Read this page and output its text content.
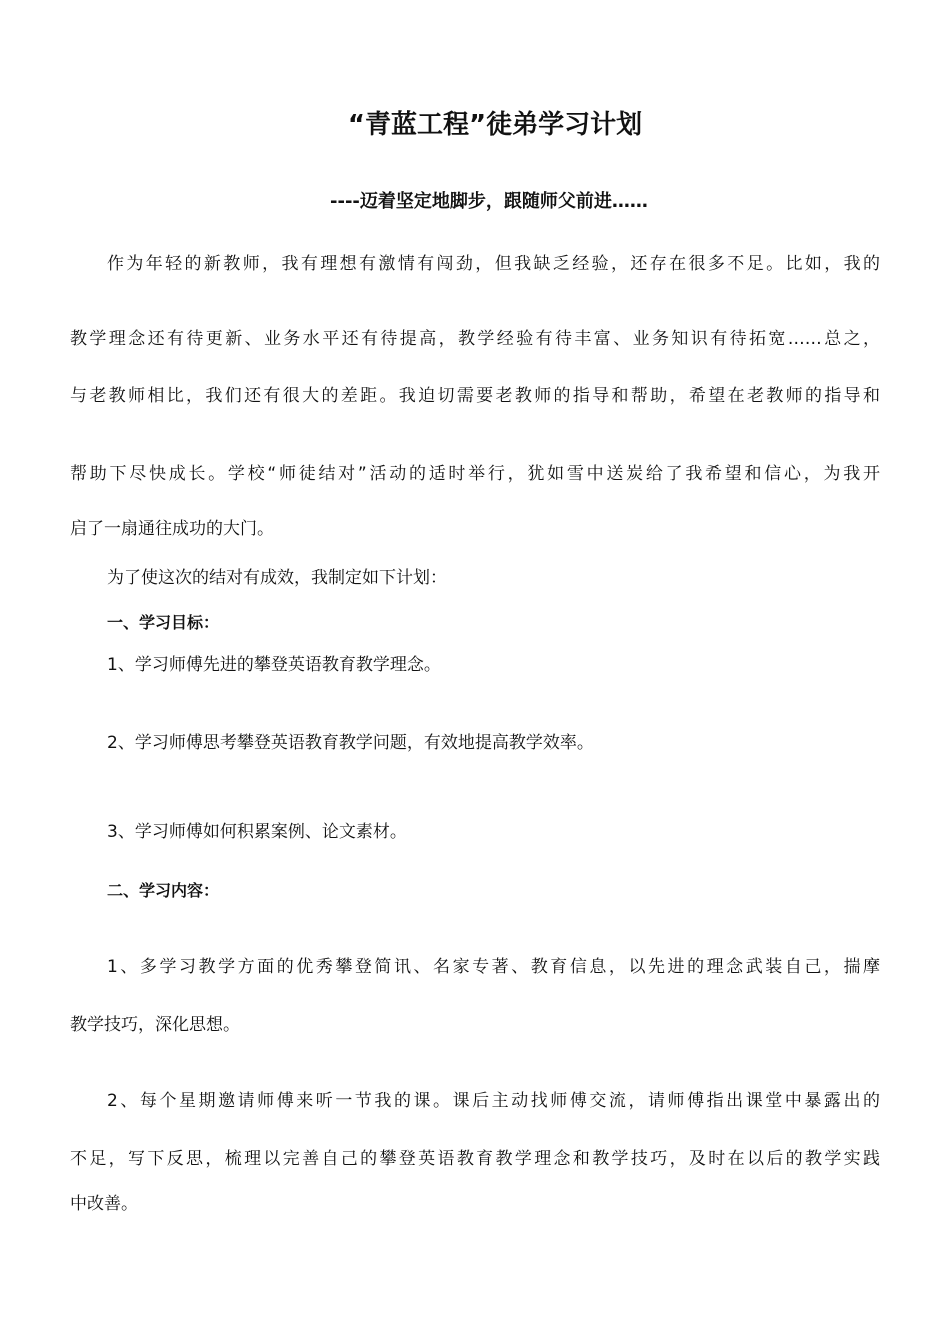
“青蓝工程”徒弟学习计划
----迈着坚定地脚步，跟随师父前进……
作为年轻的新教师，我有理想有激情有闯劲，但我缺乏经验，还存在很多不足。比如，我的
教学理念还有待更新、业务水平还有待提高，教学经验有待丰富、业务知识有待拓宽……总之，
与老教师相比，我们还有很大的差距。我迫切需要老教师的指导和帮助，希望在老教师的指导和
帮助下尽快成长。学校“师徒结对”活动的适时举行，犹如雪中送炭给了我希望和信心，为我开
启了一扇通往成功的大门。
为了使这次的结对有成效，我制定如下计划：
一、学习目标：
1、学习师傅先进的攀登英语教育教学理念。
2、学习师傅思考攀登英语教育教学问题，有效地提高教学效率。
3、学习师傅如何积累案例、论文素材。
二、学习内容：
1、多学习教学方面的优秀攀登简讯、名家专著、教育信息，以先进的理念武装自己，揣摩
教学技巧，深化思想。
2、每个星期邀请师傅来听一节我的课。课后主动找师傅交流，请师傅指出课堂中暴露出的
不足，写下反思，梳理以完善自己的攀登英语教育教学理念和教学技巧，及时在以后的教学实践
中改善。
